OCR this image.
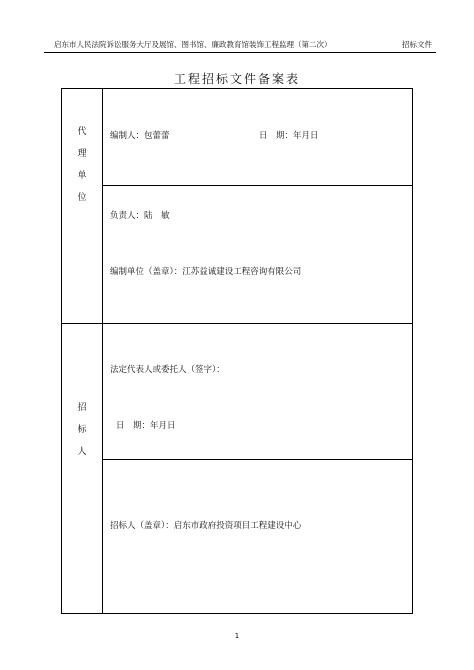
启东市人民法院诉讼服务大厅及展馆、图书馆、廉政教育馆装饰工程监理（第二次）	招标文件
工程招标文件备案表
代
理
单
位
编制人：包蕾蕾	日　期：年月日
负责人：陆　敏
编制单位（盖章）：江苏益诚建设工程咨询有限公司
招
标
人
法定代表人或委托人（签字）：
日　期：年月日
招标人（盖章）：启东市政府投资项目工程建设中心
1
